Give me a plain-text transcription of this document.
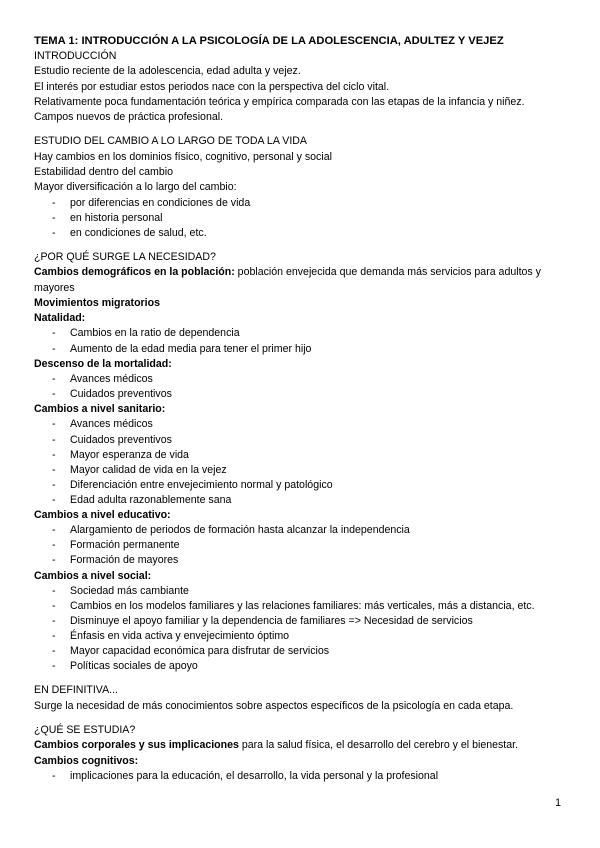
TEMA 1: INTRODUCCIÓN A LA PSICOLOGÍA DE LA ADOLESCENCIA, ADULTEZ Y VEJEZ

INTRODUCCIÓN

Estudio reciente de la adolescencia, edad adulta y vejez.

El interés por estudiar estos periodos nace con la perspectiva del ciclo vital.

Relativamente poca fundamentación teórica y empírica comparada con las etapas de la infancia y niñez.

Campos nuevos de práctica profesional.

ESTUDIO DEL CAMBIO A LO LARGO DE TODA LA VIDA

Hay cambios en los dominios físico, cognitivo, personal y social

Estabilidad dentro del cambio

Mayor diversificación a lo largo del cambio:

- por diferencias en condiciones de vida
- en historia personal
- en condiciones de salud, etc.

¿POR QUÉ SURGE LA NECESIDAD?

Cambios demográficos en la población: población envejecida que demanda más servicios para adultos y mayores

Movimientos migratorios

Natalidad:

- Cambios en la ratio de dependencia
- Aumento de la edad media para tener el primer hijo

Descenso de la mortalidad:

- Avances médicos
- Cuidados preventivos

Cambios a nivel sanitario:

- Avances médicos
- Cuidados preventivos
- Mayor esperanza de vida
- Mayor calidad de vida en la vejez
- Diferenciación entre envejecimiento normal y patológico
- Edad adulta razonablemente sana

Cambios a nivel educativo:

- Alargamiento de periodos de formación hasta alcanzar la independencia
- Formación permanente
- Formación de mayores

Cambios a nivel social:

- Sociedad más cambiante
- Cambios en los modelos familiares y las relaciones familiares: más verticales, más a distancia, etc.
- Disminuye el apoyo familiar y la dependencia de familiares => Necesidad de servicios
- Énfasis en vida activa y envejecimiento óptimo
- Mayor capacidad económica para disfrutar de servicios
- Políticas sociales de apoyo

EN DEFINITIVA...

Surge la necesidad de más conocimientos sobre aspectos específicos de la psicología en cada etapa.

¿QUÉ SE ESTUDIA?

Cambios corporales y sus implicaciones para la salud física, el desarrollo del cerebro y el bienestar.

Cambios cognitivos:

- implicaciones para la educación, el desarrollo, la vida personal y la profesional
1
